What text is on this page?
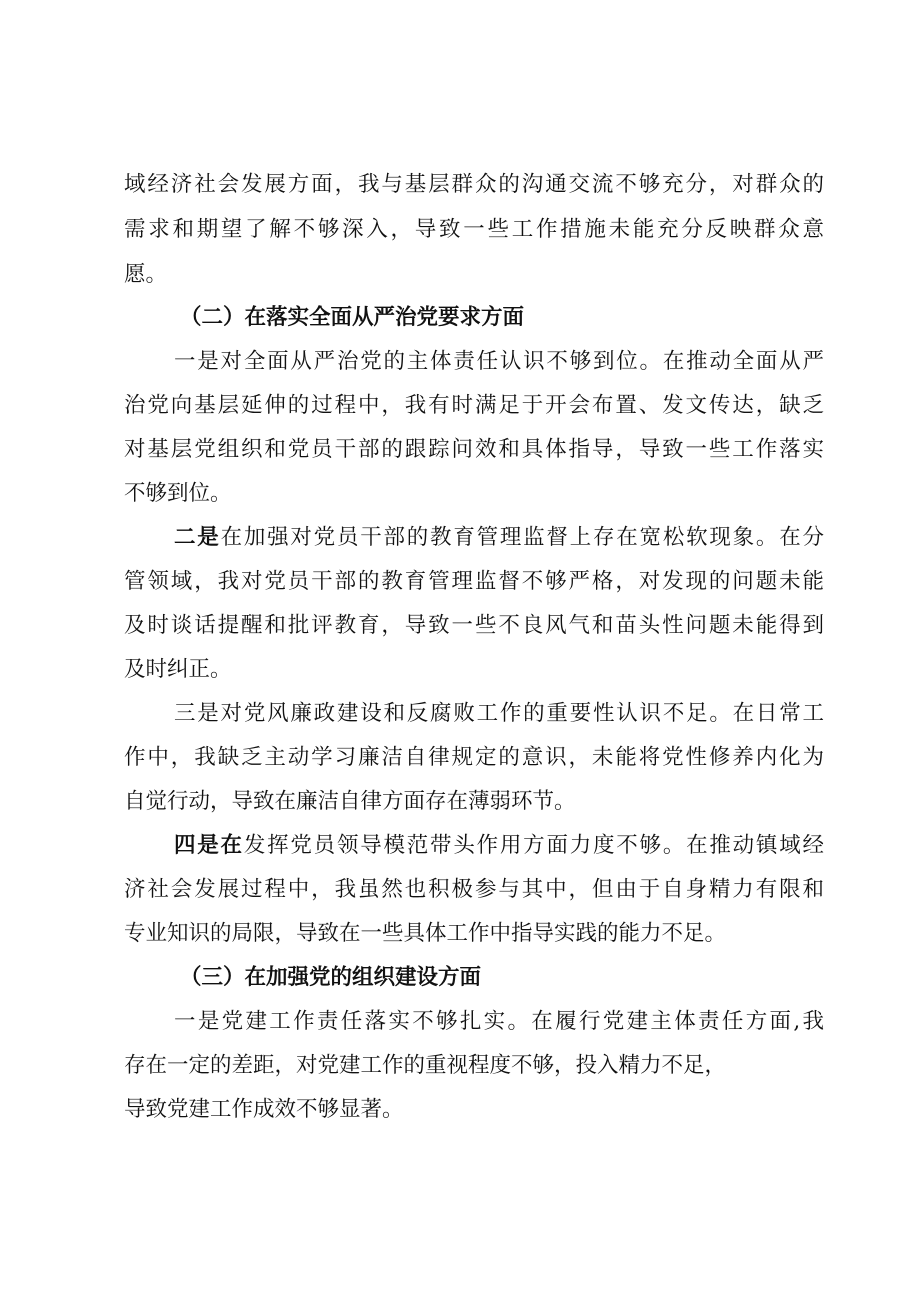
域经济社会发展方面，我与基层群众的沟通交流不够充分，对群众的
需求和期望了解不够深入，导致一些工作措施未能充分反映群众意
愿。
（二）在落实全面从严治党要求方面
一是对全面从严治党的主体责任认识不够到位。在推动全面从严
治党向基层延伸的过程中，我有时满足于开会布置、发文传达，缺乏
对基层党组织和党员干部的跟踪问效和具体指导，导致一些工作落实
不够到位。
二是在加强对党员干部的教育管理监督上存在宽松软现象。在分
管领域，我对党员干部的教育管理监督不够严格，对发现的问题未能
及时谈话提醒和批评教育，导致一些不良风气和苗头性问题未能得到
及时纠正。
三是对党风廉政建设和反腐败工作的重要性认识不足。在日常工
作中，我缺乏主动学习廉洁自律规定的意识，未能将党性修养内化为
自觉行动，导致在廉洁自律方面存在薄弱环节。
四是在发挥党员领导模范带头作用方面力度不够。在推动镇域经
济社会发展过程中，我虽然也积极参与其中，但由于自身精力有限和
专业知识的局限，导致在一些具体工作中指导实践的能力不足。
（三）在加强党的组织建设方面
一是党建工作责任落实不够扎实。在履行党建主体责任方面,我
存在一定的差距，对党建工作的重视程度不够，投入精力不足，
导致党建工作成效不够显著。
